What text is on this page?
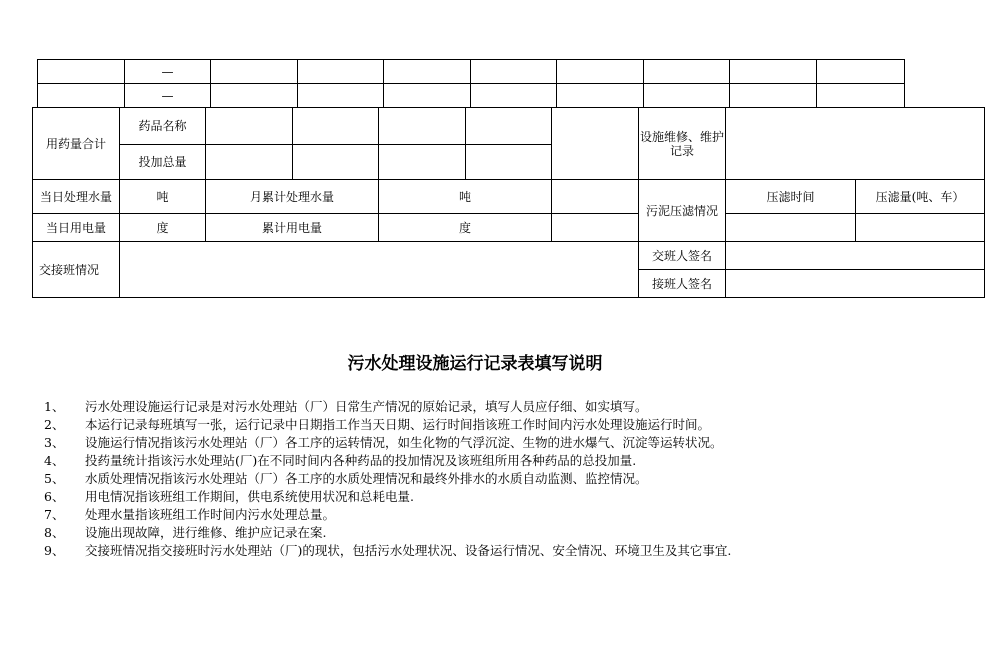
	—								
	—								
用药量合计	药品名称						设施维修、维护记录		
	投加总量								
当日处理水量	吨	月累计处理水量		吨			污泥压滤情况	压滤时间	压滤量(吨、车）
当日用电量	度	累计用电量		度					
交接班情况							交班人签名		
							接班人签名		
污水处理设施运行记录表填写说明
1、	污水处理设施运行记录是对污水处理站（厂）日常生产情况的原始记录，填写人员应仔细、如实填写。
2、	本运行记录每班填写一张，运行记录中日期指工作当天日期、运行时间指该班工作时间内污水处理设施运行时间。
3、	设施运行情况指该污水处理站（厂）各工序的运转情况，如生化物的气浮沉淀、生物的进水爆气、沉淀等运转状况。
4、	投药量统计指该污水处理站(厂)在不同时间内各种药品的投加情况及该班组所用各种药品的总投加量.
5、	水质处理情况指该污水处理站（厂）各工序的水质处理情况和最终外排水的水质自动监测、监控情况。
6、	用电情况指该班组工作期间，供电系统使用状况和总耗电量.
7、	处理水量指该班组工作时间内污水处理总量。
8、	设施出现故障，进行维修、维护应记录在案.
9、	交接班情况指交接班时污水处理站（厂)的现状，包括污水处理状况、设备运行情况、安全情况、环境卫生及其它事宜.
